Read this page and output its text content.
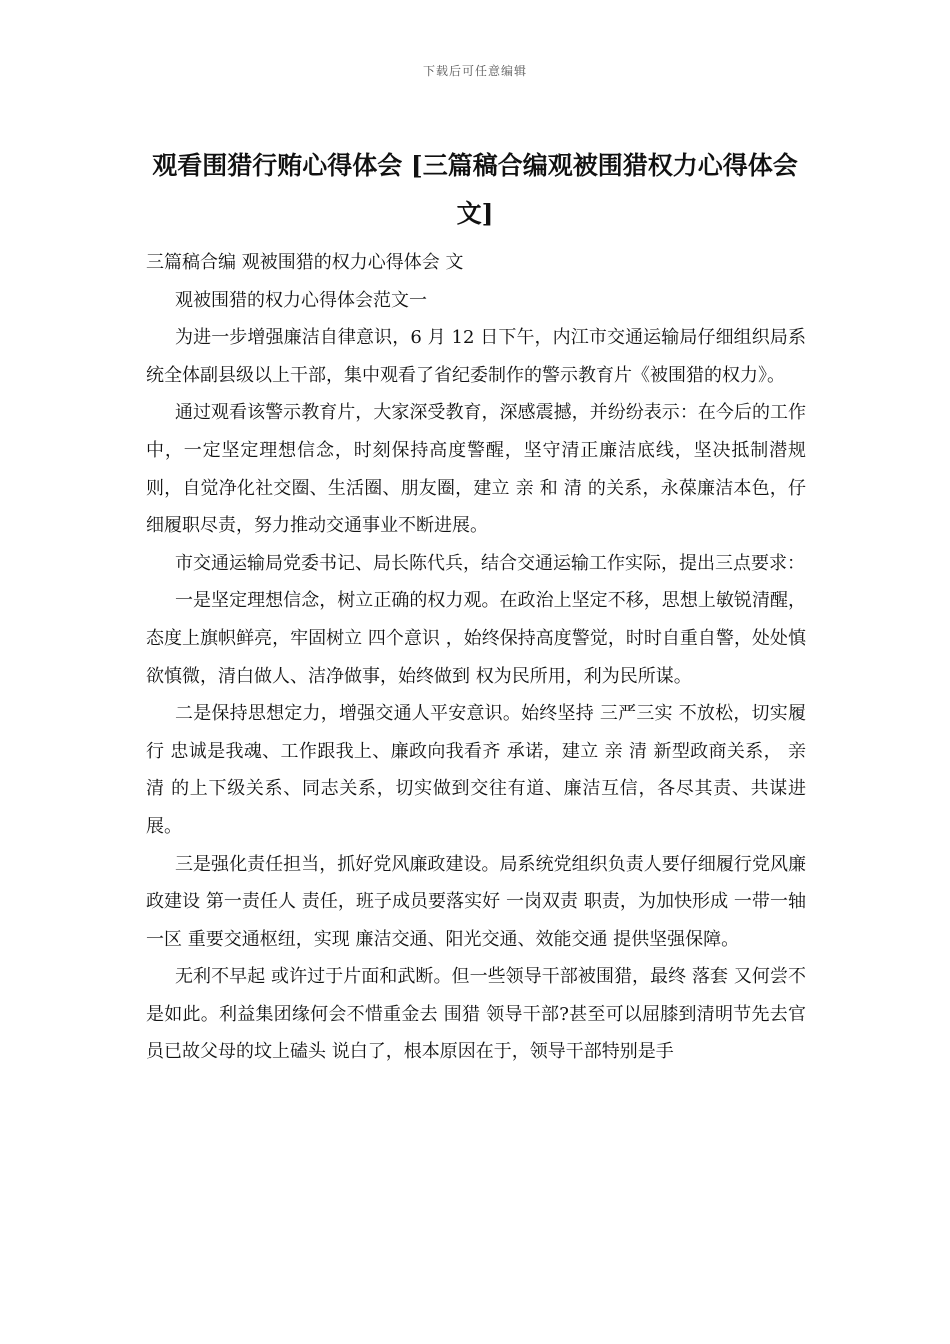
下载后可任意编辑
观看围猎行贿心得体会 [三篇稿合编观被围猎权力心得体会文]

三篇稿合编 观被围猎的权力心得体会 文

观被围猎的权力心得体会范文一

为进一步增强廉洁自律意识，6 月 12 日下午，内江市交通运输局仔细组织局系统全体副县级以上干部，集中观看了省纪委制作的警示教育片《被围猎的权力》。

通过观看该警示教育片，大家深受教育，深感震撼，并纷纷表示：在今后的工作中，一定坚定理想信念，时刻保持高度警醒，坚守清正廉洁底线，坚决抵制潜规则，自觉净化社交圈、生活圈、朋友圈，建立 亲 和 清 的关系，永葆廉洁本色，仔细履职尽责，努力推动交通事业不断进展。

市交通运输局党委书记、局长陈代兵，结合交通运输工作实际，提出三点要求：

一是坚定理想信念，树立正确的权力观。在政治上坚定不移，思想上敏锐清醒，态度上旗帜鲜亮，牢固树立 四个意识 ，始终保持高度警觉，时时自重自警，处处慎欲慎微，清白做人、洁净做事，始终做到 权为民所用，利为民所谋。

二是保持思想定力，增强交通人平安意识。始终坚持 三严三实 不放松，切实履行 忠诚是我魂、工作跟我上、廉政向我看齐 承诺，建立 亲 清 新型政商关系， 亲 清 的上下级关系、同志关系，切实做到交往有道、廉洁互信，各尽其责、共谋进展。

三是强化责任担当，抓好党风廉政建设。局系统党组织负责人要仔细履行党风廉政建设 第一责任人 责任，班子成员要落实好 一岗双责 职责，为加快形成 一带一轴一区 重要交通枢纽，实现 廉洁交通、阳光交通、效能交通 提供坚强保障。

无利不早起 或许过于片面和武断。但一些领导干部被围猎，最终 落套 又何尝不是如此。利益集团缘何会不惜重金去 围猎 领导干部?甚至可以屈膝到清明节先去官员已故父母的坟上磕头 说白了，根本原因在于，领导干部特别是手
